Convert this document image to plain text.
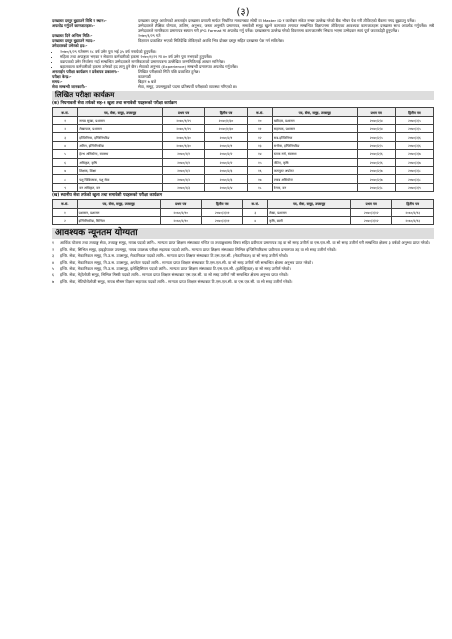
(३)
दरखास्त दस्तुर बुझाउने विधि र स्थान:-	दरखास्त दस्तुर आयोगको अनलाईन दरखास्त प्रणाली मार्फत निर्धारित माध्यमबाट सोधी वा Master ID र कारोबार संकेत नम्बर उल्लेख गरेको बैंक भौचर पेश गरी तोकिएको बैंकमा नगद बुझाउनु पर्नेछ।
अपलोड गर्नुपर्ने कागजातहरू:-	उम्मेदवारले शैक्षिक योग्यता, तालिम, अनुभव, जस्ता अनुमति प्रमाणपत्र, समावेशी समूह खुल्ने कागजात लगायत सम्बन्धित विज्ञापनमा तोकिएका आवश्यक कागजातहरू दरखास्त साथ अपलोड गर्नुपर्नेछ। सबै उम्मेदवारले नागरिकता प्रमाणपत्र स्क्यान गरी JPG Format मा अपलोड गर्नु पर्नेछ। दरखास्तमा उल्लेख गरेको विवरणमा कागजातसँग भिन्नता भएमा उम्मेदवार स्वयं पूर्ण जवाफदेही हुनुपर्नेछ।
दरखास्त दिने अन्तिम मिति:-	२०७०/१/२९ गते
दरखास्त दस्तुर बुझाउने म्याद:-	विज्ञापन प्रकाशित भएको मितिदेखि तोकिएको अवधि भित्र दोब्बर दस्तुर सहित दरखास्त पेश गर्न सकिनेछ।
उमेदवारको उमेरको हद:-
• २०७०/१/२९ गतेसम्म १८ वर्ष उमेर पुरा भई ३५ वर्ष ननाघेको हुनुपर्नेछ।
• महिला तथा अपाङ्गता भएका र सेवारत कर्मचारीको हकमा २०७०/१/२९ मा ४० वर्ष उमेर पुरा नभएको हुनुपर्नेछ।
• वडापत्रको उमेर निर्धारण गर्दा सम्बन्धित उम्मेदवारले नागरिकताको प्रमाणपत्रमा उल्लेखित जन्ममितिलाई आधार मानिनेछ।
• बहालवाला कर्मचारीको हकमा उमेरको हद लागू हुने छैन। सेवाको अनुभव (Experience) सम्बन्धी प्रमाणपत्र अपलोड गर्नुपर्नेछ।
अनलाईन परीक्षा कार्यक्रम र प्रवेशपत्र प्रकाशन:-	लिखित परीक्षाको मिति पछि प्रकाशित हुनेछ।
परीक्षा केन्द्र:-	काठमाडौं
समय:-	बिहान ७ बजे
सेवा सम्बन्धी जानकारी:-	सेवा, समूह, उपसमूहको पदमा प्रतिस्पर्धी परीक्षाको व्यवस्था गरिएको छ।
लिखित परीक्षा कार्यक्रम
(क) नियमावली सेवा तर्फको सह-१ खुला तथा समावेशी पदहरूको परीक्षा कार्यक्रम
क.सं.	पद, सेवा, समूह, उपसमूह	प्रथम पत्र	द्वितीय पत्र	क.सं.	पद, सेवा, समूह, उपसमूह	प्रथम पत्र	द्वितीय पत्र
१	नायब सुब्बा, प्रशासन	२०७०/१/२९	२०७०/१/३०	१०	खरिदार, प्रशासन	२०७०/२/४	२०७०/२/५
२	लेखापाल, प्रशासन	२०७०/१/२९	२०७०/१/३०	११	सहायक, प्रशासन	२०७०/२/४	२०७०/२/५
३	इञ्जिनियर, इन्जिनियरिङ	२०७०/१/३०	२०७०/२/१	१२	सब-इञ्जिनियर	२०७०/२/५	२०७०/२/६
४	अमिन, इन्जिनियरिङ	२०७०/१/३०	२०७०/२/१	१३	सर्भेयर, इन्जिनियरिङ	२०७०/२/५	२०७०/२/६
५	हेल्थ असिस्टेन्ट, स्वास्थ्य	२०७०/२/१	२०७०/२/२	१४	स्टाफ नर्स, स्वास्थ्य	२०७०/२/६	२०७०/२/७
६	अधिकृत, कृषि	२०७०/२/१	२०७०/२/२	१५	जेटिए, कृषि	२०७०/२/६	२०७०/२/७
७	शिक्षक, शिक्षा	२०७०/२/२	२०७०/२/३	१६	कम्प्युटर अपरेटर	२०७०/२/७	२०७०/२/८
८	पशु चिकित्सक, पशु सेवा	२०७०/२/२	२०७०/२/३	१७	ल्याब असिस्टेन्ट	२०७०/२/७	२०७०/२/८
९	वन अधिकृत, वन	२०७०/२/३	२०७०/२/४	१८	रेन्जर, वन	२०७०/२/८	२०७०/२/९
(ख) स्थानीय सेवा तर्फको खुला तथा समावेशी पदहरूको परीक्षा कार्यक्रम
क.सं.	पद, सेवा, समूह, उपसमूह	प्रथम पत्र	द्वितीय पत्र	क.सं.	पद, सेवा, समूह, उपसमूह	प्रथम पत्र	द्वितीय पत्र
१	प्रशासन, प्रशासन	२०७०/२/१०	२०७०/२/११	३	लेखा, प्रशासन	२०७०/२/१२	२०७०/२/१३
२	इन्जिनियरिङ, सिभिल	२०७०/२/१०	२०७०/२/११	४	कृषि, बाली	२०७०/२/१२	२०७०/२/१३
आवश्यक न्यूनतम योग्यता
१	आर्थिक योजना तथा तथ्याङ्क सेवा, तथ्याङ्क समूह, नायब पदको लागि:- मान्यता प्राप्त शिक्षण संस्थाबाट गणित वा तथ्याङ्कशास्त्र विषय सहित प्रवीणता प्रमाणपत्र तह वा सो सरह उत्तीर्ण वा एस.एल.सी. वा सो सरह उत्तीर्ण गरी सम्बन्धित क्षेत्रमा ३ वर्षको अनुभव प्राप्त गरेको।
२	इन्जि. सेवा, सिभिल समूह, हाइड्रोपावर उपसमूह, नायब उपलब्ध परीक्षा सहायक पदको लागि:- मान्यता प्राप्त शिक्षण संस्थाबाट सिभिल इन्जिनियरिङमा प्रवीणता प्रमाणपत्र तह वा सो सरह उत्तीर्ण गरेको।
३	इन्जि. सेवा, मेकानिकल समूह, नि.उ.स. उपसमूह, मेकानिकल पदको लागि:- मान्यता प्राप्त शिक्षण संस्थाबाट टि.एस.एल.सी. (मेकानिकल) वा सो सरह उत्तीर्ण गरेको।
४	इन्जि. सेवा, मेकानिकल समूह, नि.उ.स. उपसमूह, अपरेटर पदको लागि:- मान्यता प्राप्त शिक्षण संस्थाबाट टि.एस.एल.सी. वा सो सरह उत्तीर्ण गरी सम्बन्धित क्षेत्रमा अनुभव प्राप्त गरेको।
५	इन्जि. सेवा, मेकानिकल समूह, नि.उ.स. उपसमूह, इलेक्ट्रिसियन पदको लागि:- मान्यता प्राप्त शिक्षण संस्थाबाट टि.एस.एल.सी. (इलेक्ट्रिकल) वा सो सरह उत्तीर्ण गरेको।
६	इन्जि. सेवा, मेट्रोलोजी समूह, सिभिल मिस्त्री पदको लागि:- मान्यता प्राप्त शिक्षण संस्थाबाट एस.एल.सी. वा सो सरह उत्तीर्ण गरी सम्बन्धित क्षेत्रमा अनुभव प्राप्त गरेको।
७	इन्जि. सेवा, मेटियोरोलोजी समूह, नायब मौसम विज्ञान सहायक पदको लागि:- मान्यता प्राप्त शिक्षण संस्थाबाट टि.एस.एल.सी. वा एस.एल.सी. वा सो सरह उत्तीर्ण गरेको।
